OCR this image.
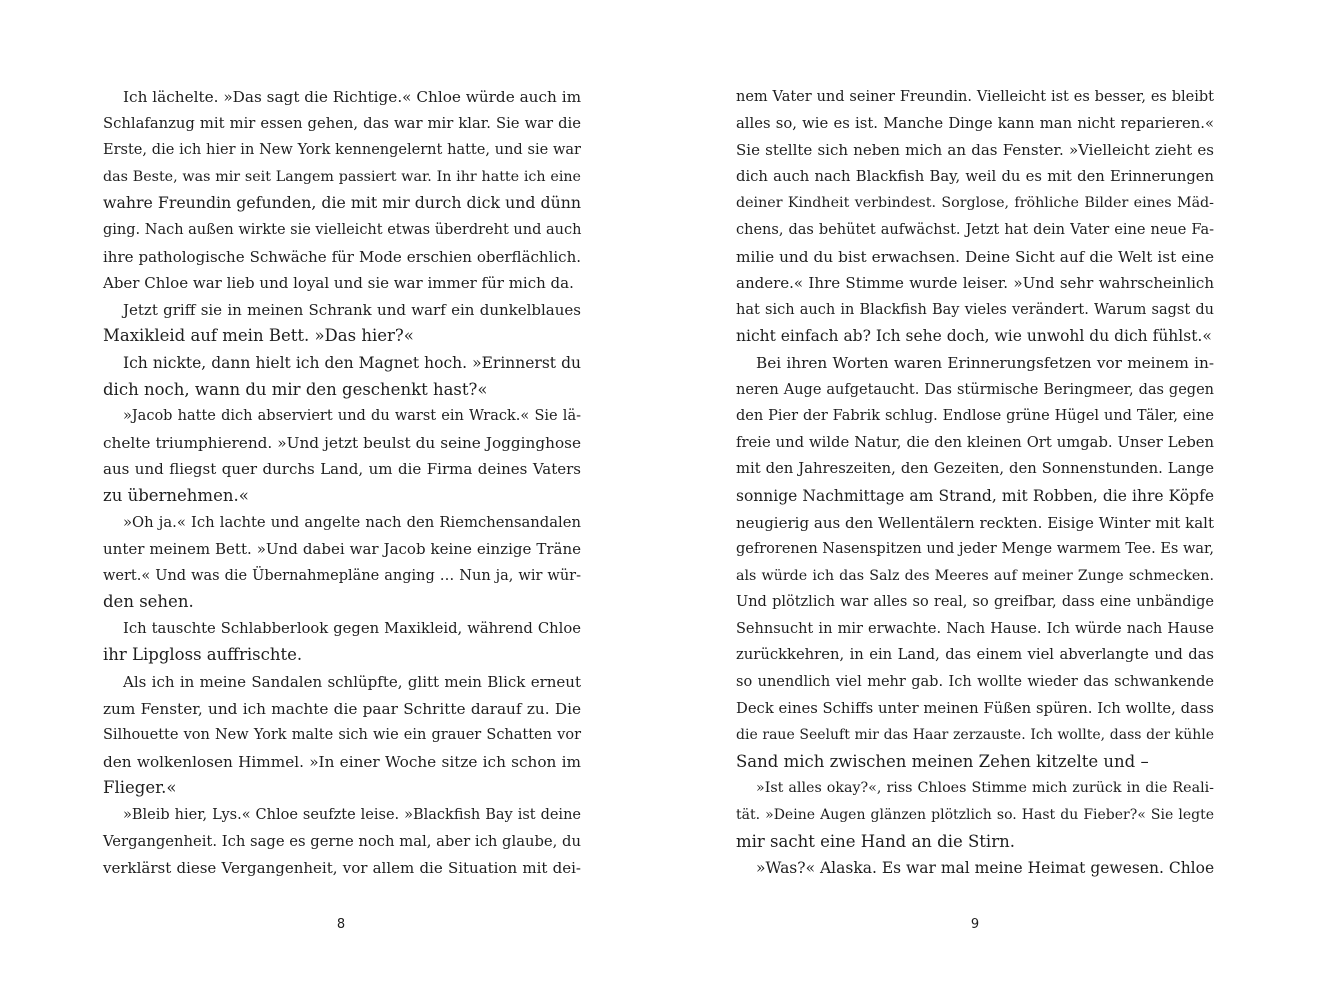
Ich lächelte. »Das sagt die Richtige.« Chloe würde auch im
Schlafanzug mit mir essen gehen, das war mir klar. Sie war die
Erste, die ich hier in New York kennengelernt hatte, und sie war
das Beste, was mir seit Langem passiert war. In ihr hatte ich eine
wahre Freundin gefunden, die mit mir durch dick und dünn
ging. Nach außen wirkte sie vielleicht etwas überdreht und auch
ihre pathologische Schwäche für Mode erschien oberflächlich.
Aber Chloe war lieb und loyal und sie war immer für mich da.
Jetzt griff sie in meinen Schrank und warf ein dunkelblaues
Maxikleid auf mein Bett. »Das hier?«
Ich nickte, dann hielt ich den Magnet hoch. »Erinnerst du
dich noch, wann du mir den geschenkt hast?«
»Jacob hatte dich abserviert und du warst ein Wrack.« Sie lä-
chelte triumphierend. »Und jetzt beulst du seine Jogginghose
aus und fliegst quer durchs Land, um die Firma deines Vaters
zu übernehmen.«
»Oh ja.« Ich lachte und angelte nach den Riemchensandalen
unter meinem Bett. »Und dabei war Jacob keine einzige Träne
wert.« Und was die Übernahmepläne anging … Nun ja, wir wür-
den sehen.
Ich tauschte Schlabberlook gegen Maxikleid, während Chloe
ihr Lipgloss auffrischte.
Als ich in meine Sandalen schlüpfte, glitt mein Blick erneut
zum Fenster, und ich machte die paar Schritte darauf zu. Die
Silhouette von New York malte sich wie ein grauer Schatten vor
den wolkenlosen Himmel. »In einer Woche sitze ich schon im
Flieger.«
»Bleib hier, Lys.« Chloe seufzte leise. »Blackfish Bay ist deine
Vergangenheit. Ich sage es gerne noch mal, aber ich glaube, du
verklärst diese Vergangenheit, vor allem die Situation mit dei-
8
nem Vater und seiner Freundin. Vielleicht ist es besser, es bleibt
alles so, wie es ist. Manche Dinge kann man nicht reparieren.«
Sie stellte sich neben mich an das Fenster. »Vielleicht zieht es
dich auch nach Blackfish Bay, weil du es mit den Erinnerungen
deiner Kindheit verbindest. Sorglose, fröhliche Bilder eines Mäd-
chens, das behütet aufwächst. Jetzt hat dein Vater eine neue Fa-
milie und du bist erwachsen. Deine Sicht auf die Welt ist eine
andere.« Ihre Stimme wurde leiser. »Und sehr wahrscheinlich
hat sich auch in Blackfish Bay vieles verändert. Warum sagst du
nicht einfach ab? Ich sehe doch, wie unwohl du dich fühlst.«
Bei ihren Worten waren Erinnerungsfetzen vor meinem in-
neren Auge aufgetaucht. Das stürmische Beringmeer, das gegen
den Pier der Fabrik schlug. Endlose grüne Hügel und Täler, eine
freie und wilde Natur, die den kleinen Ort umgab. Unser Leben
mit den Jahreszeiten, den Gezeiten, den Sonnenstunden. Lange
sonnige Nachmittage am Strand, mit Robben, die ihre Köpfe
neugierig aus den Wellentälern reckten. Eisige Winter mit kalt
gefrorenen Nasenspitzen und jeder Menge warmem Tee. Es war,
als würde ich das Salz des Meeres auf meiner Zunge schmecken.
Und plötzlich war alles so real, so greifbar, dass eine unbändige
Sehnsucht in mir erwachte. Nach Hause. Ich würde nach Hause
zurückkehren, in ein Land, das einem viel abverlangte und das
so unendlich viel mehr gab. Ich wollte wieder das schwankende
Deck eines Schiffs unter meinen Füßen spüren. Ich wollte, dass
die raue Seeluft mir das Haar zerzauste. Ich wollte, dass der kühle
Sand mich zwischen meinen Zehen kitzelte und –
»Ist alles okay?«, riss Chloes Stimme mich zurück in die Reali-
tät. »Deine Augen glänzen plötzlich so. Hast du Fieber?« Sie legte
mir sacht eine Hand an die Stirn.
»Was?« Alaska. Es war mal meine Heimat gewesen. Chloe
9
